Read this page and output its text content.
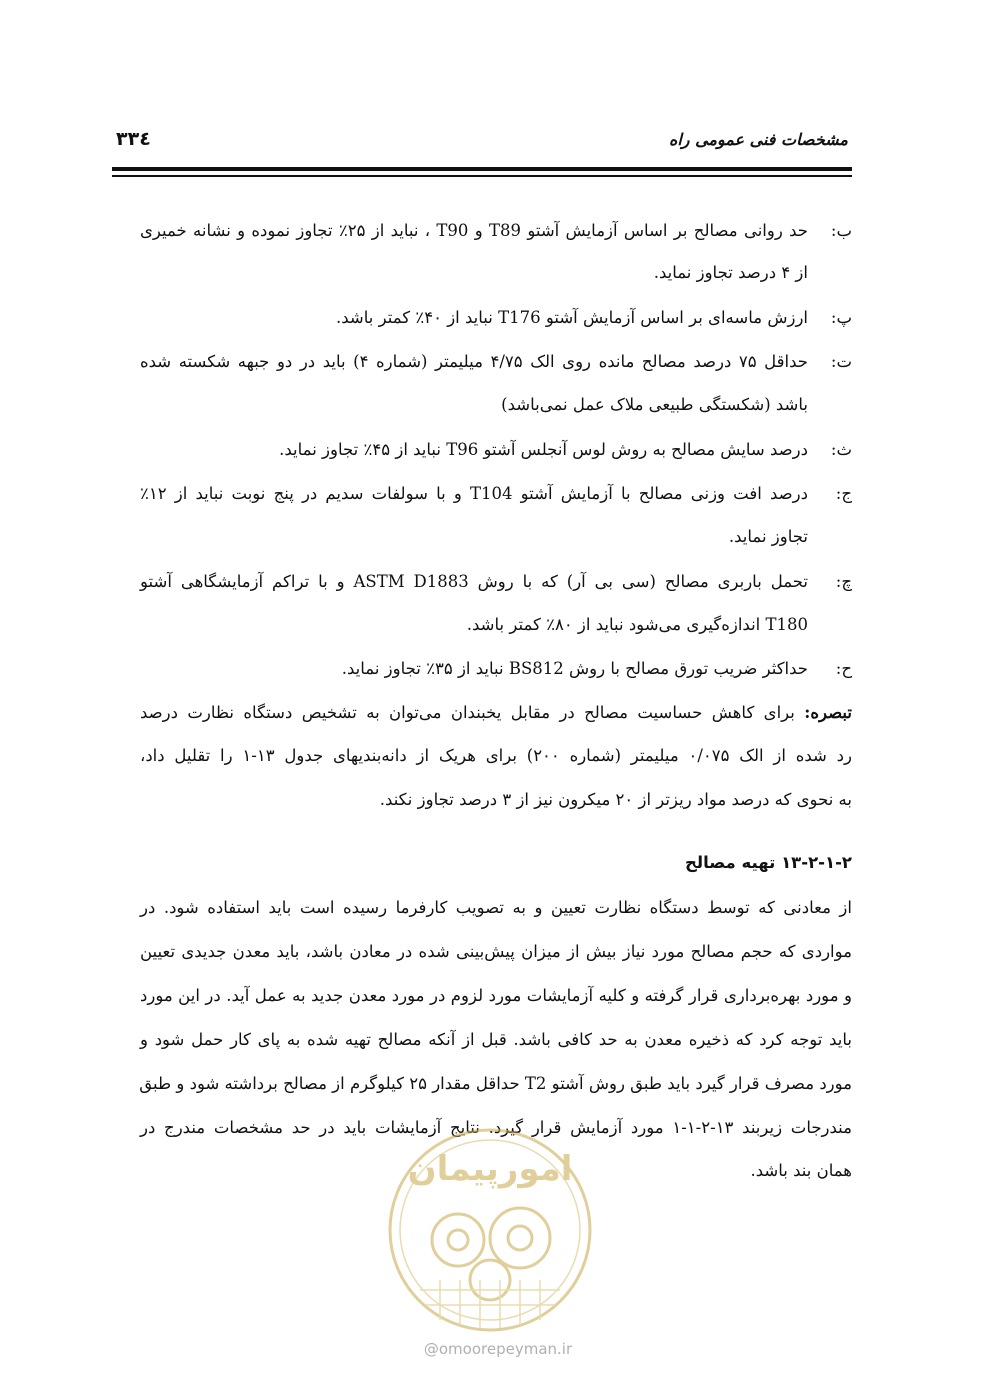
۳۳٤	مشخصات فنی عمومی راه
ب:
حد روانی مصالح بر اساس آزمایش آشتو T89 و T90 ، نباید از ۲۵٪ تجاوز نموده و نشانه خمیری
از ۴ درصد تجاوز نماید.
پ:
ارزش ماسه‌ای بر اساس آزمایش آشتو T176 نباید از ۴۰٪ کمتر باشد.
ت:
حداقل ۷۵ درصد مصالح مانده روی الک ۴/۷۵ میلیمتر (شماره ۴) باید در دو جبهه شکسته شده
باشد (شکستگی طبیعی ملاک عمل نمی‌باشد)
ث:
درصد سایش مصالح به روش لوس آنجلس آشتو T96 نباید از ۴۵٪ تجاوز نماید.
ج:
درصد افت وزنی مصالح با آزمایش آشتو T104 و با سولفات سدیم در پنج نوبت نباید از ۱۲٪
تجاوز نماید.
چ:
تحمل باربری مصالح (سی بی آر) که با روش ASTM D1883 و با تراکم آزمایشگاهی آشتو
T180 اندازه‌گیری می‌شود نباید از ۸۰٪ کمتر باشد.
ح:
حداکثر ضریب تورق مصالح با روش BS812 نباید از ۳۵٪ تجاوز نماید.
تبصره: برای کاهش حساسیت مصالح در مقابل یخبندان می‌توان به تشخیص دستگاه نظارت درصد
رد شده از الک ۰/۰۷۵ میلیمتر (شماره ۲۰۰) برای هریک از دانه‌بندیهای جدول ۱۳-۱ را تقلیل داد،
به نحوی که درصد مواد ریزتر از ۲۰ میکرون نیز از ۳ درصد تجاوز نکند.
۱۳-۲-۱-۲ تهیه مصالح
از معادنی که توسط دستگاه نظارت تعیین و به تصویب کارفرما رسیده است باید استفاده شود. در
مواردی که حجم مصالح مورد نیاز بیش از میزان پیش‌بینی شده در معادن باشد، باید معدن جدیدی تعیین
و مورد بهره‌برداری قرار گرفته و کلیه آزمایشات مورد لزوم در مورد معدن جدید به عمل آید. در این مورد
باید توجه کرد که ذخیره معدن به حد کافی باشد. قبل از آنکه مصالح تهیه شده به پای کار حمل شود و
مورد مصرف قرار گیرد باید طبق روش آشتو T2 حداقل مقدار ۲۵ کیلوگرم از مصالح برداشته شود و طبق
مندرجات زیربند ۱۳-۲-۱-۱ مورد آزمایش قرار گیرد. نتایج آزمایشات باید در حد مشخصات مندرج در
همان بند باشد.
امورپیمان
@omoorepeyman.ir
